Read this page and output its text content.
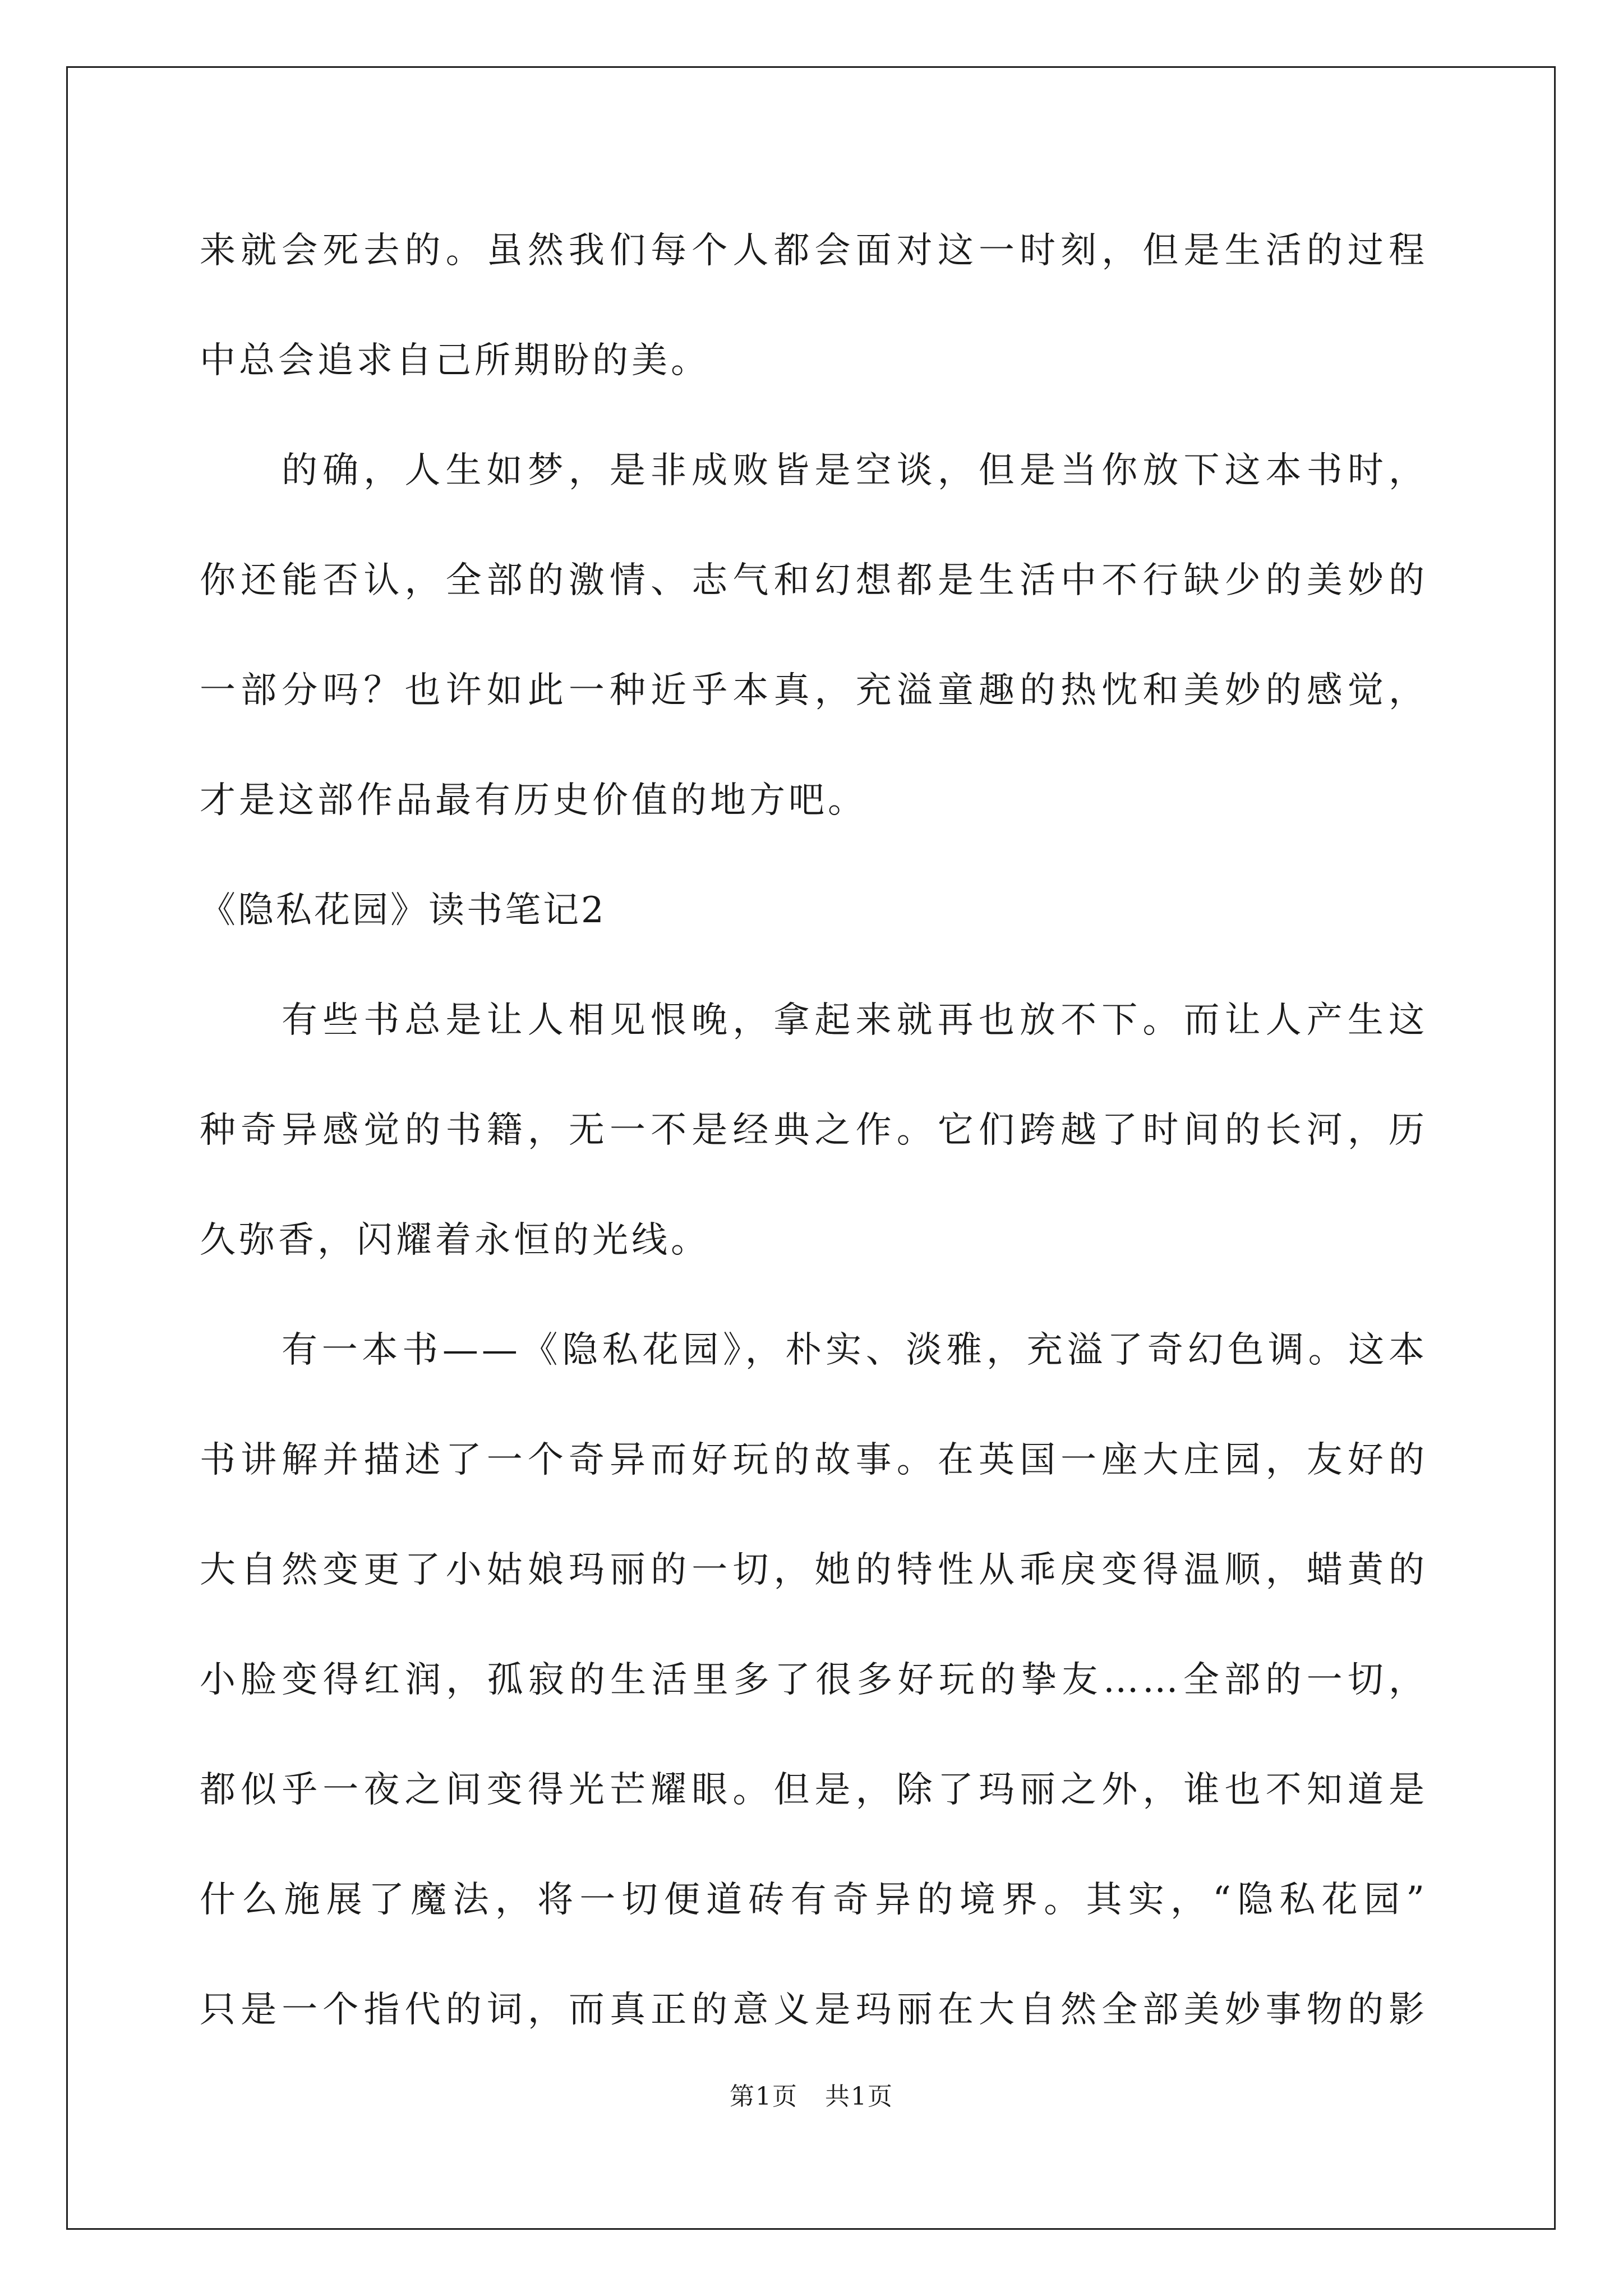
来就会死去的。虽然我们每个人都会面对这一时刻，但是生活的过程
中总会追求自己所期盼的美。
的确，人生如梦，是非成败皆是空谈，但是当你放下这本书时，
你还能否认，全部的激情、志气和幻想都是生活中不行缺少的美妙的
一部分吗？也许如此一种近乎本真，充溢童趣的热忱和美妙的感觉，
才是这部作品最有历史价值的地方吧。
《隐私花园》读书笔记2
有些书总是让人相见恨晚，拿起来就再也放不下。而让人产生这
种奇异感觉的书籍，无一不是经典之作。它们跨越了时间的长河，历
久弥香，闪耀着永恒的光线。
有一本书——《隐私花园》，朴实、淡雅，充溢了奇幻色调。这本
书讲解并描述了一个奇异而好玩的故事。在英国一座大庄园，友好的
大自然变更了小姑娘玛丽的一切，她的特性从乖戾变得温顺，蜡黄的
小脸变得红润，孤寂的生活里多了很多好玩的挚友……全部的一切，
都似乎一夜之间变得光芒耀眼。但是，除了玛丽之外，谁也不知道是
什么施展了魔法，将一切便道砖有奇异的境界。其实，“隐私花园”
只是一个指代的词，而真正的意义是玛丽在大自然全部美妙事物的影
第1页   共1页
